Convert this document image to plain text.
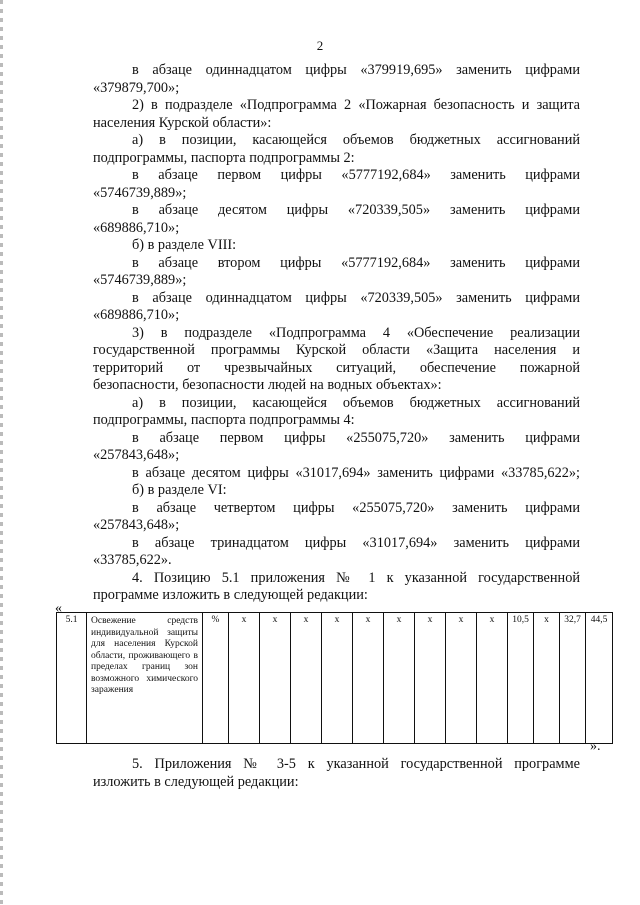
2
в абзаце одиннадцатом цифры «379919,695» заменить цифрами
«379879,700»;
2) в подразделе «Подпрограмма 2 «Пожарная безопасность и защита
населения Курской области»:
а) в позиции, касающейся объемов бюджетных ассигнований
подпрограммы, паспорта подпрограммы 2:
в абзаце первом цифры «5777192,684» заменить цифрами
«5746739,889»;
в абзаце десятом цифры «720339,505» заменить цифрами
«689886,710»;
б) в разделе VIII:
в абзаце втором цифры «5777192,684» заменить цифрами
«5746739,889»;
в абзаце одиннадцатом цифры «720339,505» заменить цифрами
«689886,710»;
3) в подразделе «Подпрограмма 4 «Обеспечение реализации
государственной программы Курской области «Защита населения и
территорий от чрезвычайных ситуаций, обеспечение пожарной
безопасности, безопасности людей на водных объектах»:
а) в позиции, касающейся объемов бюджетных ассигнований
подпрограммы, паспорта подпрограммы 4:
в абзаце первом цифры «255075,720» заменить цифрами
«257843,648»;
в абзаце десятом цифры «31017,694» заменить цифрами «33785,622»;
б) в разделе VI:
в абзаце четвертом цифры «255075,720» заменить цифрами
«257843,648»;
в абзаце тринадцатом цифры «31017,694» заменить цифрами
«33785,622».
4. Позицию 5.1 приложения № 1 к указанной государственной
программе изложить в следующей редакции:
«
5.1	Освежение средств индивидуальной защиты для населения Курской области, проживающего в пределах границ зон возможного химического заражения	%	х	х	х	х	х	х	х	х	х	10,5	х	32,7	44,5
».
5. Приложения № 3-5 к указанной государственной программе
изложить в следующей редакции:
